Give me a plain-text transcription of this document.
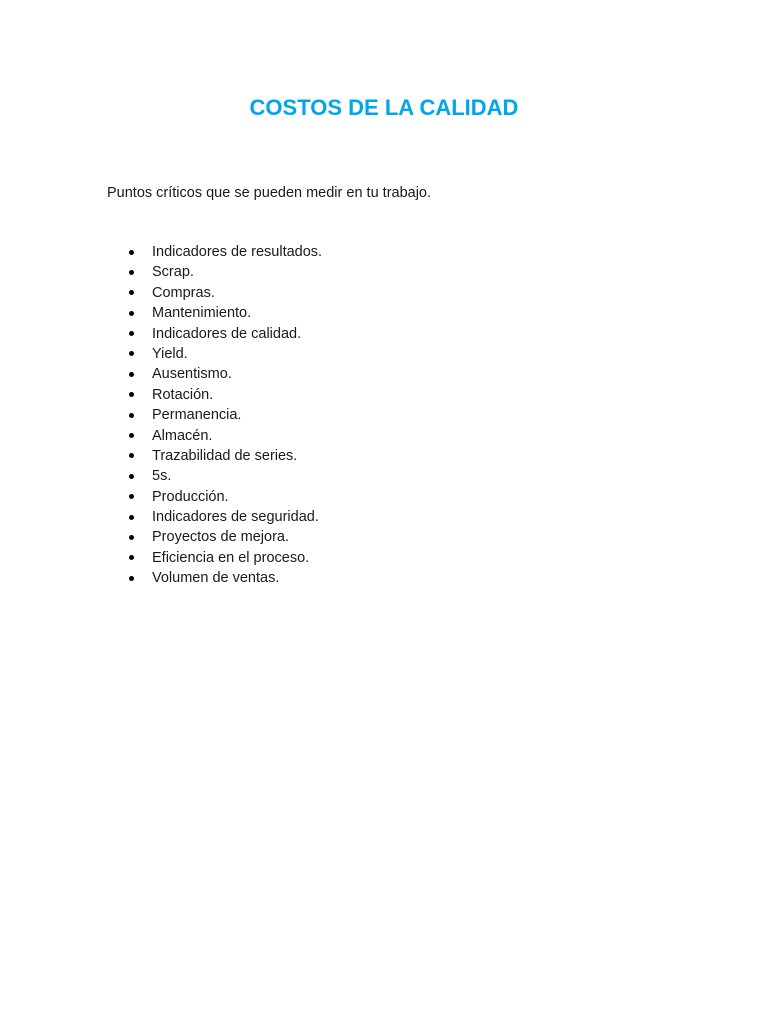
COSTOS DE LA CALIDAD

Puntos críticos que se pueden medir en tu trabajo.

Indicadores de resultados.
Scrap.
Compras.
Mantenimiento.
Indicadores de calidad.
Yield.
Ausentismo.
Rotación.
Permanencia.
Almacén.
Trazabilidad de series.
5s.
Producción.
Indicadores de seguridad.
Proyectos de mejora.
Eficiencia en el proceso.
Volumen de ventas.
